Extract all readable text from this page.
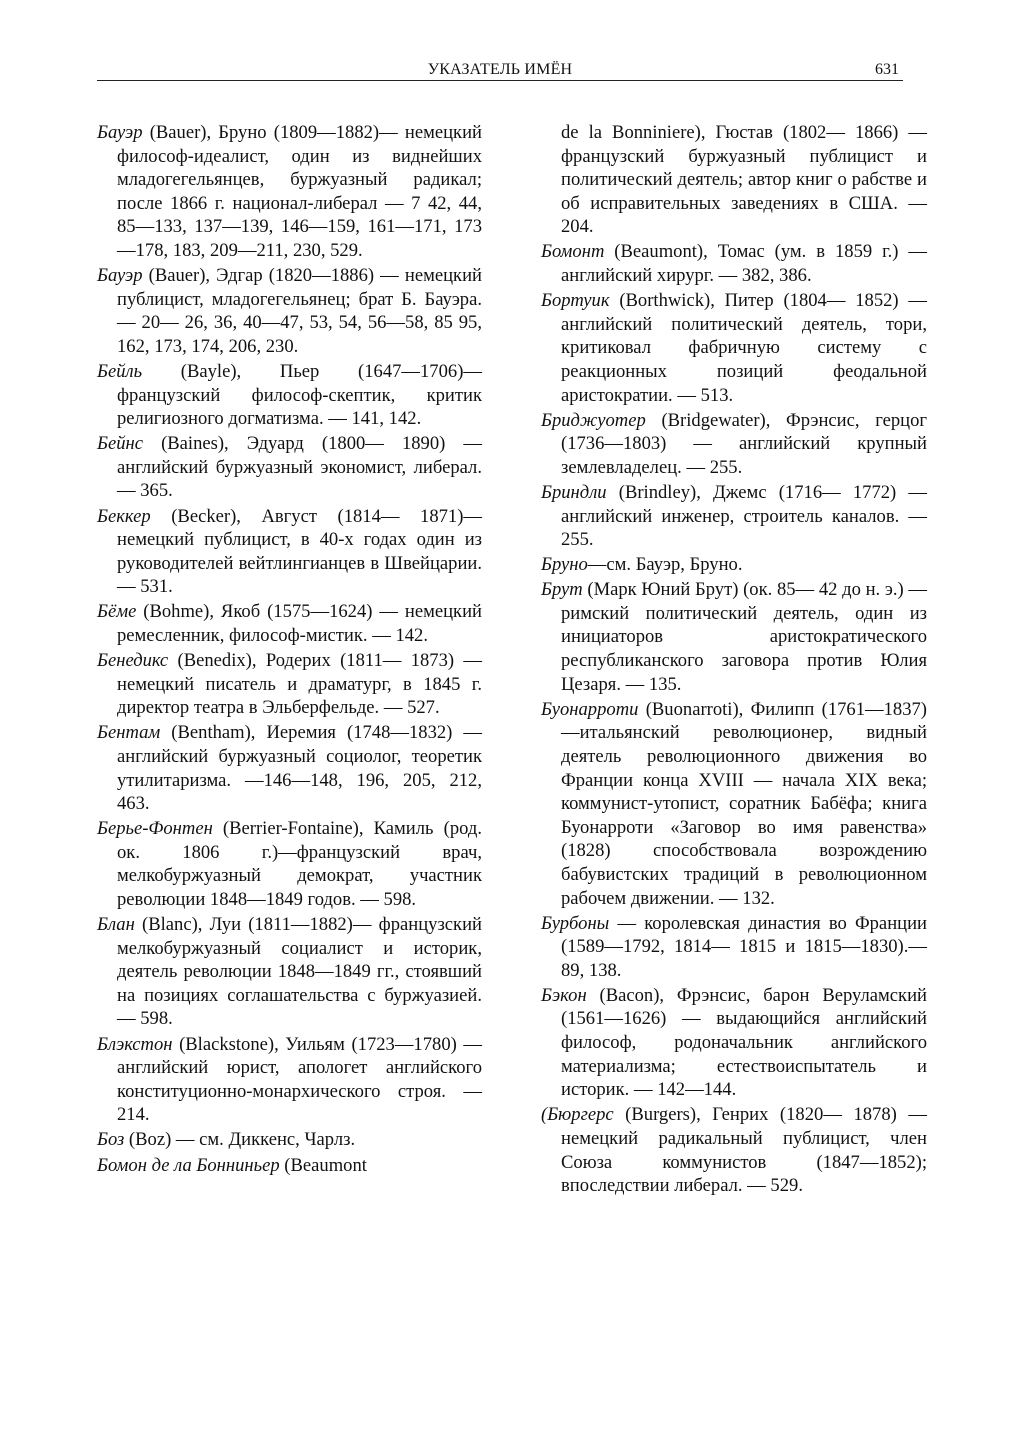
УКАЗАТЕЛЬ ИМЁН	631

Бауэр (Bauer), Бруно (1809—1882)— немецкий философ-идеалист, один из виднейших младогегельянцев, буржуазный радикал; после 1866 г. национал-либерал — 7 42, 44, 85—133, 137—139, 146—159, 161—171, 173—178, 183, 209—211, 230, 529.

Бауэр (Bauer), Эдгар (1820—1886) — немецкий публицист, младогегельянец; брат Б. Бауэра. — 20— 26, 36, 40—47, 53, 54, 56—58, 85 95, 162, 173, 174, 206, 230.

Бейль (Bayle), Пьер (1647—1706)— французский философ-скептик, критик религиозного догматизма. — 141, 142.

Бейнс (Baines), Эдуард (1800— 1890) — английский буржуазный экономист, либерал. — 365.

Беккер (Becker), Август (1814— 1871)— немецкий публицист, в 40-х годах один из руководителей вейтлингианцев в Швейцарии. — 531.

Бёме (Bohme), Якоб (1575—1624) — немецкий ремесленник, философ-мистик. — 142.

Бенедикс (Benedix), Родерих (1811— 1873) — немецкий писатель и драматург, в 1845 г. директор театра в Эльберфельде. — 527.

Бентам (Bentham), Иеремия (1748—1832) — английский буржуазный социолог, теоретик утилитаризма. —146—148, 196, 205, 212, 463.

Берье-Фонтен (Berrier-Fontaine), Камиль (род. ок. 1806 г.)—французский врач, мелкобуржуазный демократ, участник революции 1848—1849 годов. — 598.

Блан (Blanc), Луи (1811—1882)— французский мелкобуржуазный социалист и историк, деятель революции 1848—1849 гг., стоявший на позициях соглашательства с буржуазией. — 598.

Блэкстон (Blackstone), Уильям (1723—1780) —английский юрист, апологет английского конституционно-монархического строя. — 214.

Боз (Boz) — см. Диккенс, Чарлз.

Бомон де ла Бонниньер (Beaumont

de la Bonniniere), Гюстав (1802— 1866) — французский буржуазный публицист и политический деятель; автор книг о рабстве и об исправительных заведениях в США. — 204.

Бомонт (Beaumont), Томас (ум. в 1859 г.) — английский хирург. — 382, 386.

Бортуик (Borthwick), Питер (1804— 1852) — английский политический деятель, тори, критиковал фабричную систему с реакционных позиций феодальной аристократии. — 513.

Бриджуотер (Bridgewater), Фрэнсис, герцог (1736—1803) — английский крупный землевладелец. — 255.

Бриндли (Brindley), Джемс (1716— 1772) — английский инженер, строитель каналов. — 255.

Бруно—см. Бауэр, Бруно.

Брут (Марк Юний Брут) (ок. 85— 42 до н. э.) — римский политический деятель, один из инициаторов аристократического республиканского заговора против Юлия Цезаря. — 135.

Буонарроти (Buonarroti), Филипп (1761—1837)—итальянский революционер, видный деятель революционного движения во Франции конца XVIII — начала XIX века; коммунист-утопист, соратник Бабёфа; книга Буонарроти «Заговор во имя равенства» (1828) способствовала возрождению бабувистских традиций в революционном рабочем движении. — 132.

Бурбоны — королевская династия во Франции (1589—1792, 1814— 1815 и 1815—1830).—89, 138.

Бэкон (Bacon), Фрэнсис, барон Веруламский (1561—1626) — выдающийся английский философ, родоначальник английского материализма; естествоиспытатель и историк. — 142—144.

(Бюргерс (Burgers), Генрих (1820— 1878) — немецкий радикальный публицист, член Союза коммунистов (1847—1852); впоследствии либерал. — 529.
